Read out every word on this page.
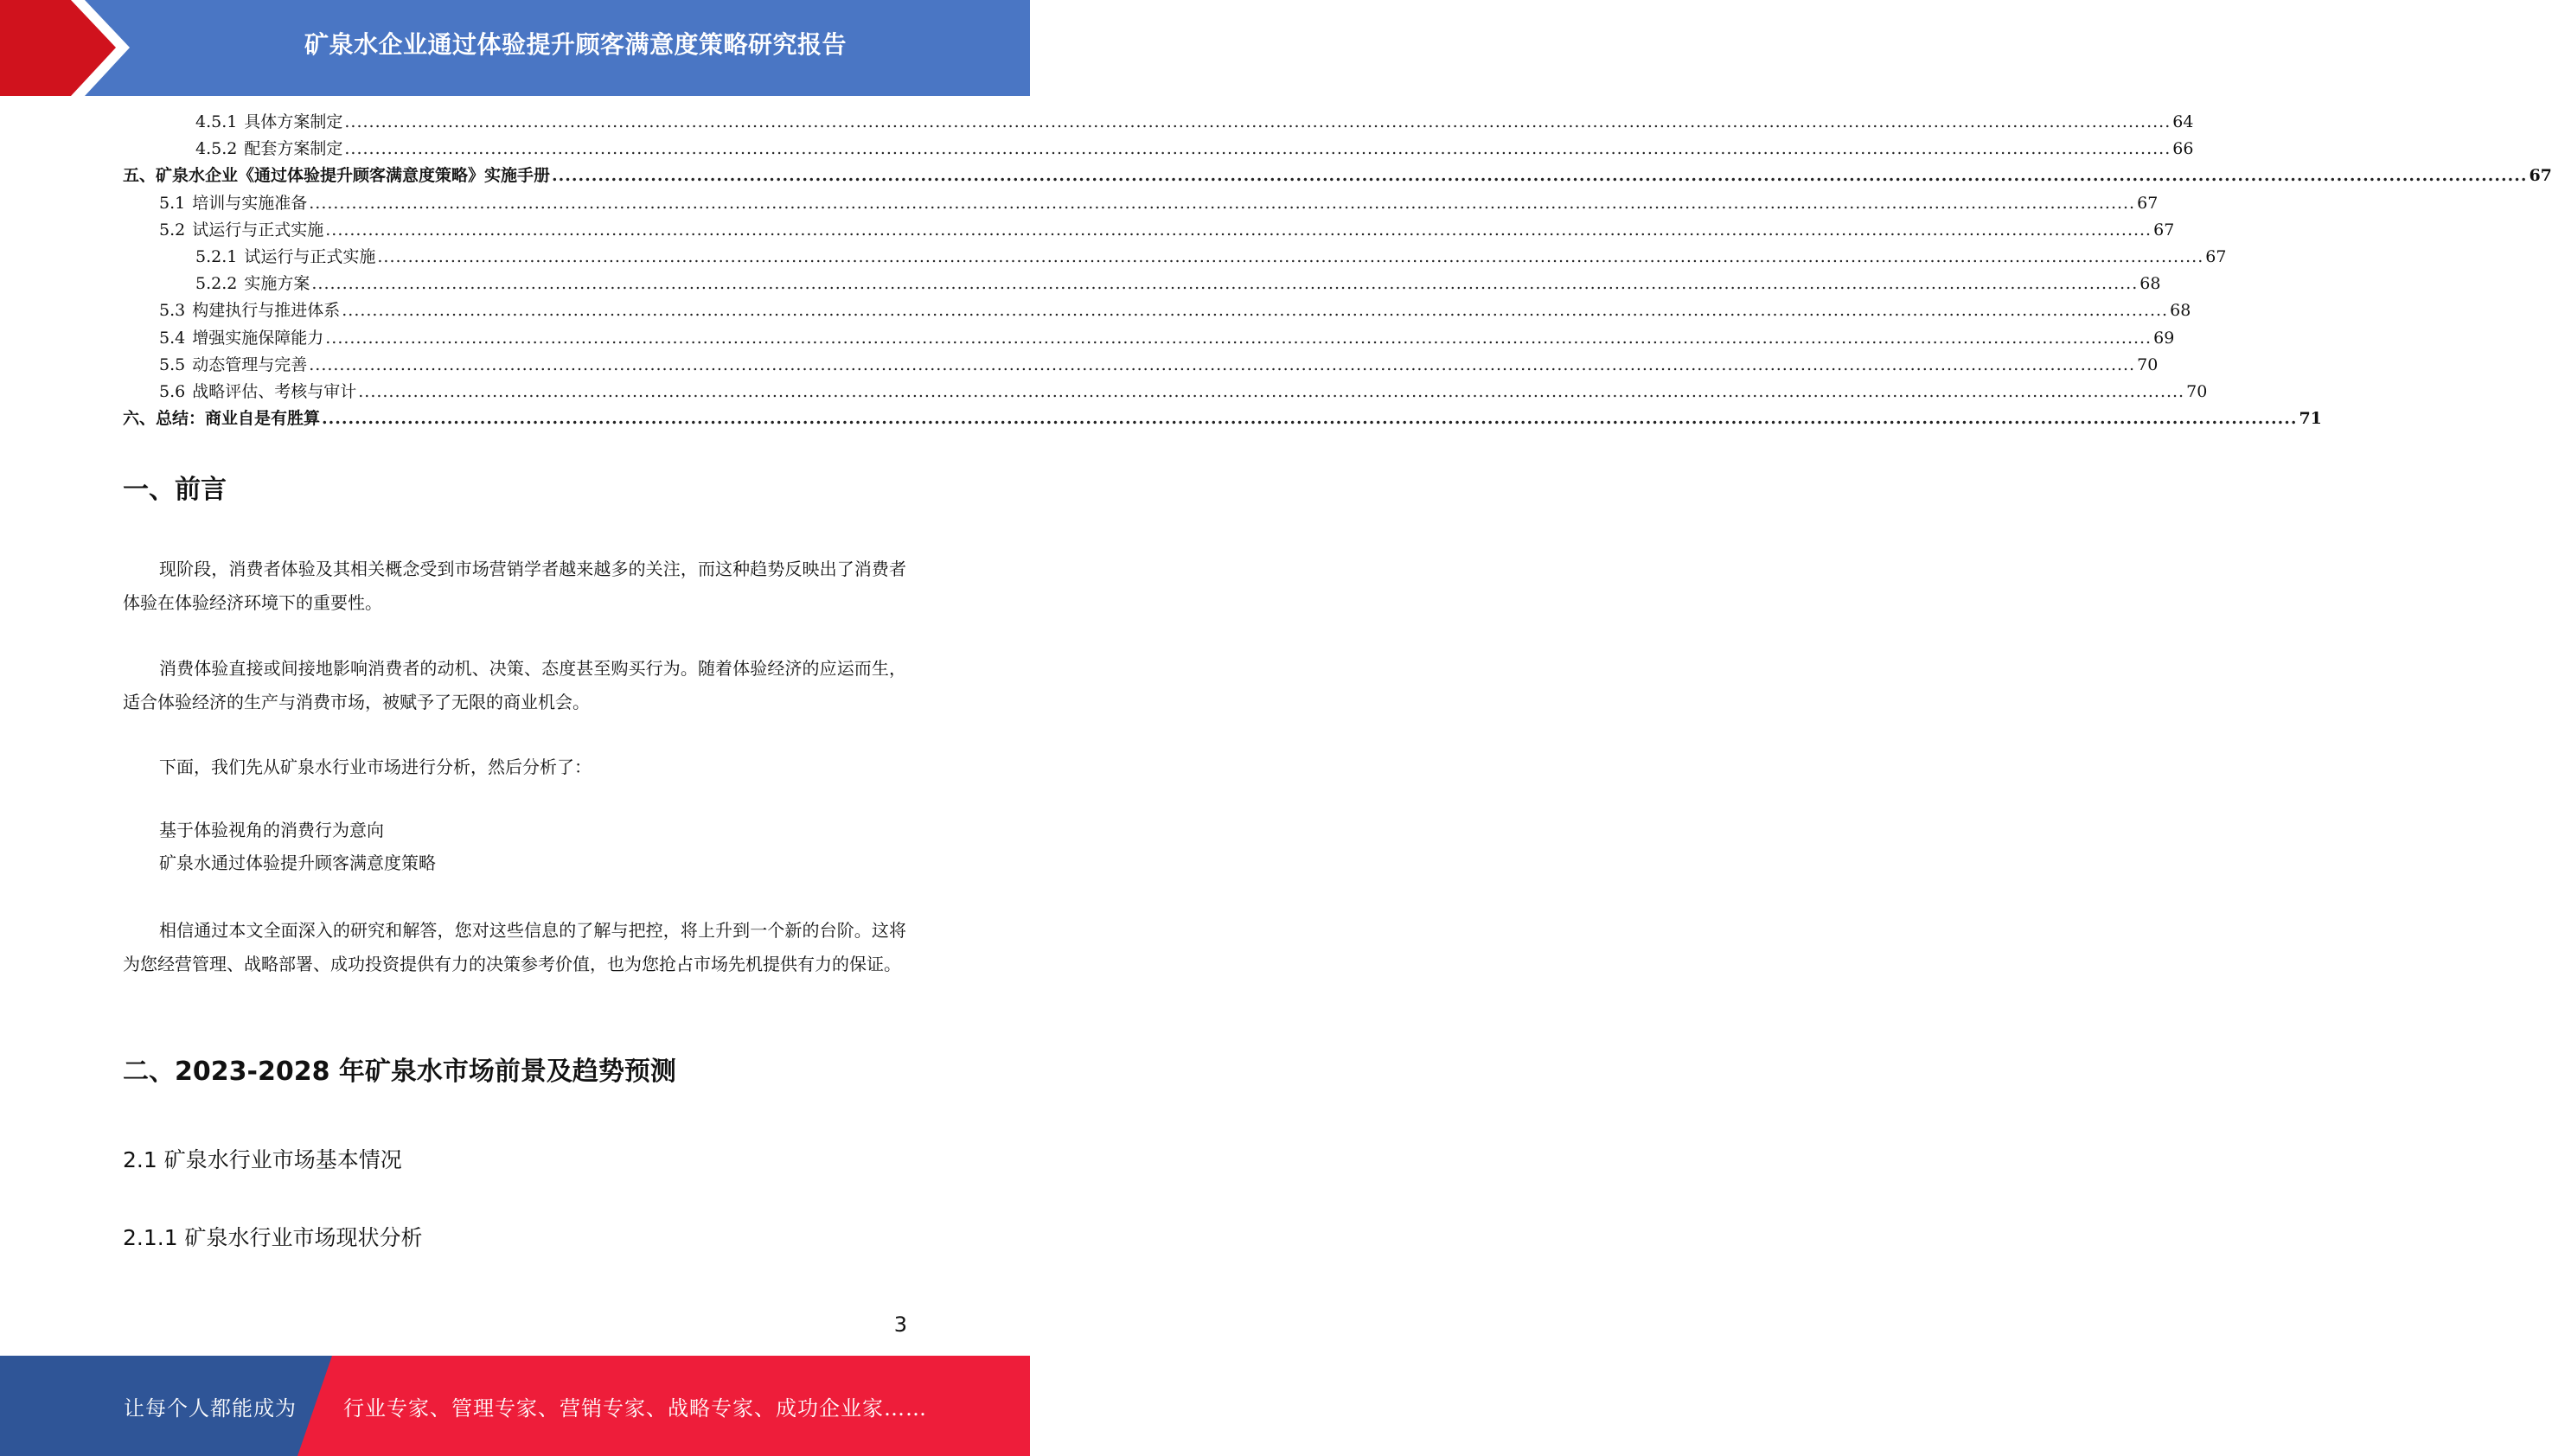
矿泉水企业通过体验提升顾客满意度策略研究报告
4.5.1 具体方案制定 ............................................................................................................................................................................................................................................................................................................ 64
4.5.2 配套方案制定 ............................................................................................................................................................................................................................................................................................................ 66
五、矿泉水企业《通过体验提升顾客满意度策略》实施手册 ............................................................................................................................................................................................................................................................................................................ 67
5.1 培训与实施准备 ............................................................................................................................................................................................................................................................................................................ 67
5.2 试运行与正式实施 ............................................................................................................................................................................................................................................................................................................ 67
5.2.1 试运行与正式实施 ............................................................................................................................................................................................................................................................................................................ 67
5.2.2 实施方案 ............................................................................................................................................................................................................................................................................................................ 68
5.3 构建执行与推进体系 ............................................................................................................................................................................................................................................................................................................ 68
5.4 增强实施保障能力 ............................................................................................................................................................................................................................................................................................................ 69
5.5 动态管理与完善 ............................................................................................................................................................................................................................................................................................................ 70
5.6 战略评估、考核与审计 ............................................................................................................................................................................................................................................................................................................ 70
六、总结：商业自是有胜算 ............................................................................................................................................................................................................................................................................................................ 71
一、前言

现阶段，消费者体验及其相关概念受到市场营销学者越来越多的关注，而这种趋势反映出了消费者体验在体验经济环境下的重要性。

消费体验直接或间接地影响消费者的动机、决策、态度甚至购买行为。随着体验经济的应运而生，适合体验经济的生产与消费市场，被赋予了无限的商业机会。

下面，我们先从矿泉水行业市场进行分析，然后分析了：

基于体验视角的消费行为意向

矿泉水通过体验提升顾客满意度策略

相信通过本文全面深入的研究和解答，您对这些信息的了解与把控，将上升到一个新的台阶。这将为您经营管理、战略部署、成功投资提供有力的决策参考价值，也为您抢占市场先机提供有力的保证。

二、2023-2028 年矿泉水市场前景及趋势预测
2.1 矿泉水行业市场基本情况
2.1.1 矿泉水行业市场现状分析
3
让每个人都能成为 行业专家、管理专家、营销专家、战略专家、成功企业家……
